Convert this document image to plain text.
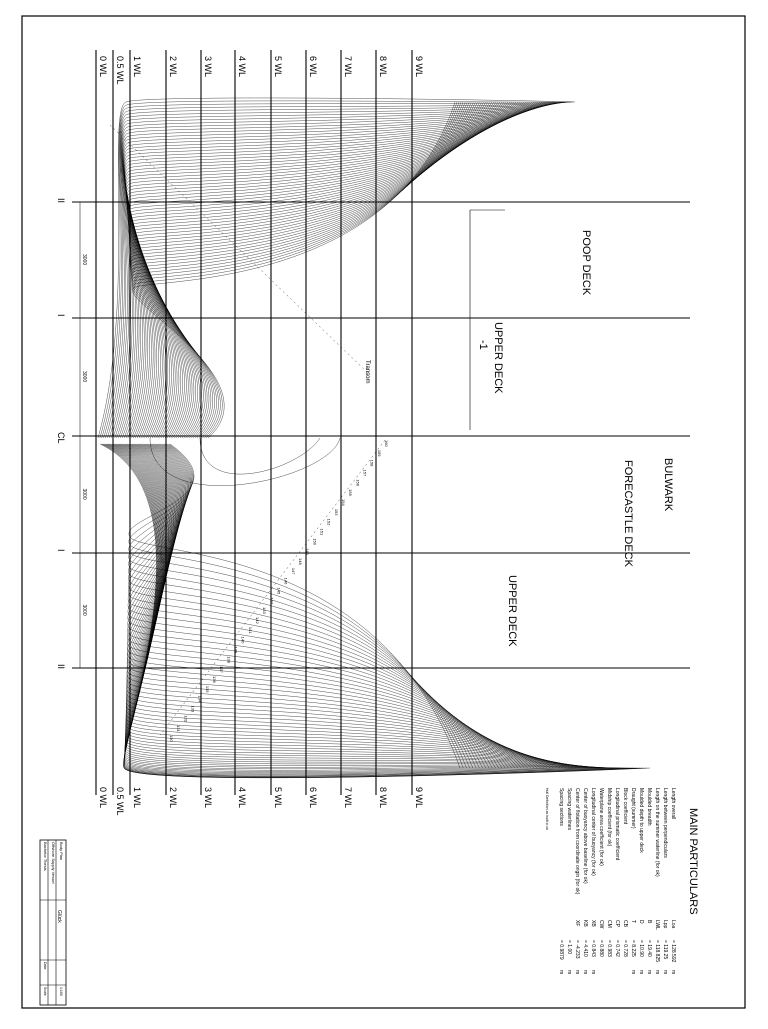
0 WL
0 WL
0.5 WL
0.5 WL
1 WL
1 WL
2 WL
2 WL
3 WL
3 WL
4 WL
4 WL
5 WL
5 WL
6 WL
6 WL
7 WL
7 WL
8 WL
8 WL
9 WL
9 WL
II
I
CL
I
II
3000
3000
3000
3000
130
131
132
133
134
135
136
137
138
139
140
141
142
143
144
145
146
147
148
149
150
151
152
153
154
155
156
157
158
159
160
POOP DECK
UPPER DECK
-1
BULWARK
FORECASTLE DECK
UPPER DECK
Transom
MAIN PARTICULARS
Length overall
Loa
= 128.592
m
Length between perpendiculars
Lpp
= 119.25
m
Length on the summer waterline (for ok)
LWL
= 118.825
m
Moulded breadth
B
= 19.40
m
Moulded depth to upper deck
D
= 10.90
m
Draught (summer)
T
= 8.225
m
Block coefficient
CB
= 0.728
Longitudinal prismatic coefficient
CP
= 0.742
Midship coefficient (for ok)
CM
= 0.983
Waterplane area coefficient (for ok)
CW
= 0.880
Longitudinal center of buoyancy (for ok)
XB
= 0.843
m
Center of buoyancy above baseline (for ok)
KB
= 4.410
m
Center of flotation from coordinate origin (for ok)
XF
= -4.233
m
Spacing waterlines
= 1.00
m
Spacing sections
= 0.9879
m
Hull Definition as built in ok
Bachelor Thesis Offshore Supply Vessel Body Plan
Glück
Date
Scale	1:100
